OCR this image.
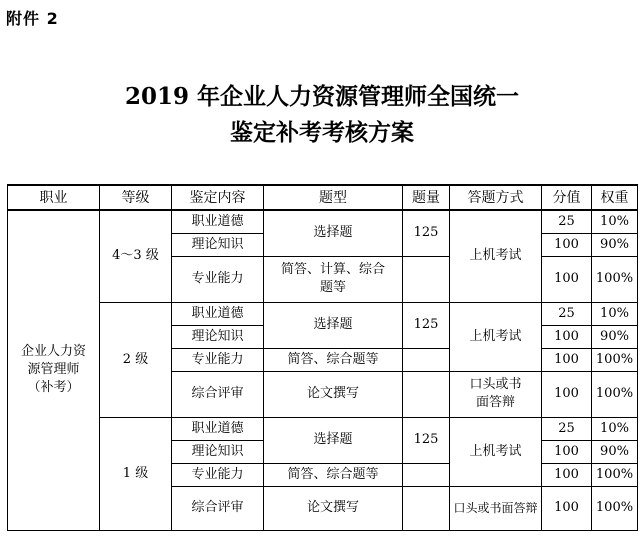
附件 2
2019 年企业人力资源管理师全国统一
鉴定补考考核方案
职业	等级	鉴定内容	题型	题量	答题方式	分值	权重
企业人力资源管理师（补考）	4～3 级	职业道德	选择题	125	上机考试	25	10%
		理论知识				100	90%
		专业能力	简答、计算、综合题等			100	100%

	2 级	职业道德	选择题	125	上机考试	25	10%
		理论知识				100	90%
		专业能力	简答、综合题等			100	100%
		综合评审	论文撰写		口头或书面答辩	100	100%

	1 级	职业道德	选择题	125	上机考试	25	10%
		理论知识				100	90%
		专业能力	简答、综合题等			100	100%
		综合评审	论文撰写		口头或书面答辩	100	100%
